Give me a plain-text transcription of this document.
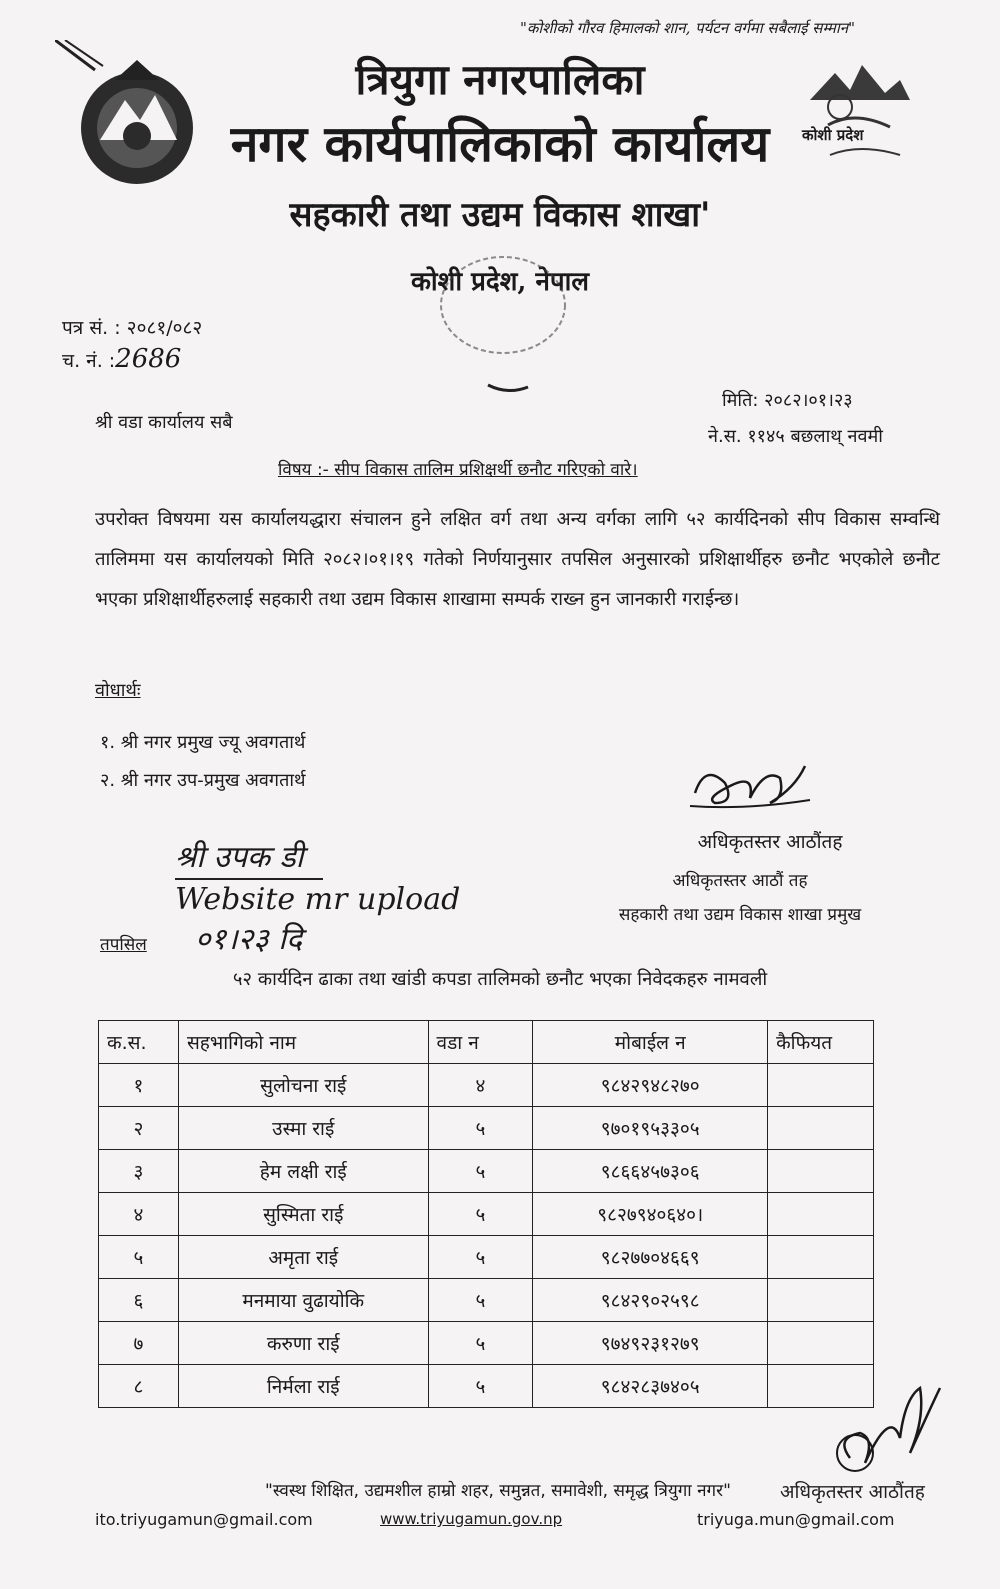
"कोशीको गौरव हिमालको शान, पर्यटन वर्गमा सबैलाई सम्मान"
कोशी प्रदेश
त्रियुगा नगरपालिका
नगर कार्यपालिकाको कार्यालय
सहकारी तथा उद्यम विकास शाखा'
कोशी प्रदेश, नेपाल
पत्र सं. : २०८१/०८२
च. नं. :2686
मिति: २०८२।०१।२३
ने.स. ११४५ बछलाथ् नवमी
श्री वडा कार्यालय सबै
विषय :- सीप विकास तालिम प्रशिक्षर्थी छनौट गरिएको वारे।
उपरोक्त विषयमा यस कार्यालयद्धारा संचालन हुने लक्षित वर्ग तथा अन्य वर्गका लागि ५२ कार्यदिनको सीप विकास सम्वन्धि तालिममा यस कार्यालयको मिति २०८२।०१।१९ गतेको निर्णयानुसार तपसिल अनुसारको प्रशिक्षार्थीहरु छनौट भएकोले छनौट भएका प्रशिक्षार्थीहरुलाई सहकारी तथा उद्यम विकास शाखामा सम्पर्क राख्न हुन जानकारी गराईन्छ।
वोधार्थः
१. श्री नगर प्रमुख ज्यू अवगतार्थ
२. श्री नगर उप-प्रमुख अवगतार्थ
अधिकृतस्तर आठौंतह
अधिकृतस्तर आठौं तह
सहकारी तथा उद्यम विकास शाखा प्रमुख
श्री उपक डी
Website mr upload
०१।२३ दि
तपसिल
५२ कार्यदिन ढाका तथा खांडी कपडा तालिमको छनौट भएका निवेदकहरु नामवली
क.स.	सहभागिको नाम	वडा न	मोबाईल न	कैफियत
१	सुलोचना राई	४	९८४२९४८२७०	
२	उस्मा राई	५	९७०१९५३३०५	
३	हेम लक्षी राई	५	९८६६४५७३०६	
४	सुस्मिता राई	५	९८२७९४०६४०।	
५	अमृता राई	५	९८२७७०४६६९	
६	मनमाया वुढायोकि	५	९८४२९०२५९८	
७	करुणा राई	५	९७४९२३१२७९	
८	निर्मला राई	५	९८४२८३७४०५	
"स्वस्थ शिक्षित, उद्यमशील हाम्रो शहर, समुन्नत, समावेशी, समृद्ध त्रियुगा नगर"	अधिकृतस्तर आठौंतह
ito.triyugamun@gmail.com	www.triyugamun.gov.np	triyuga.mun@gmail.com
